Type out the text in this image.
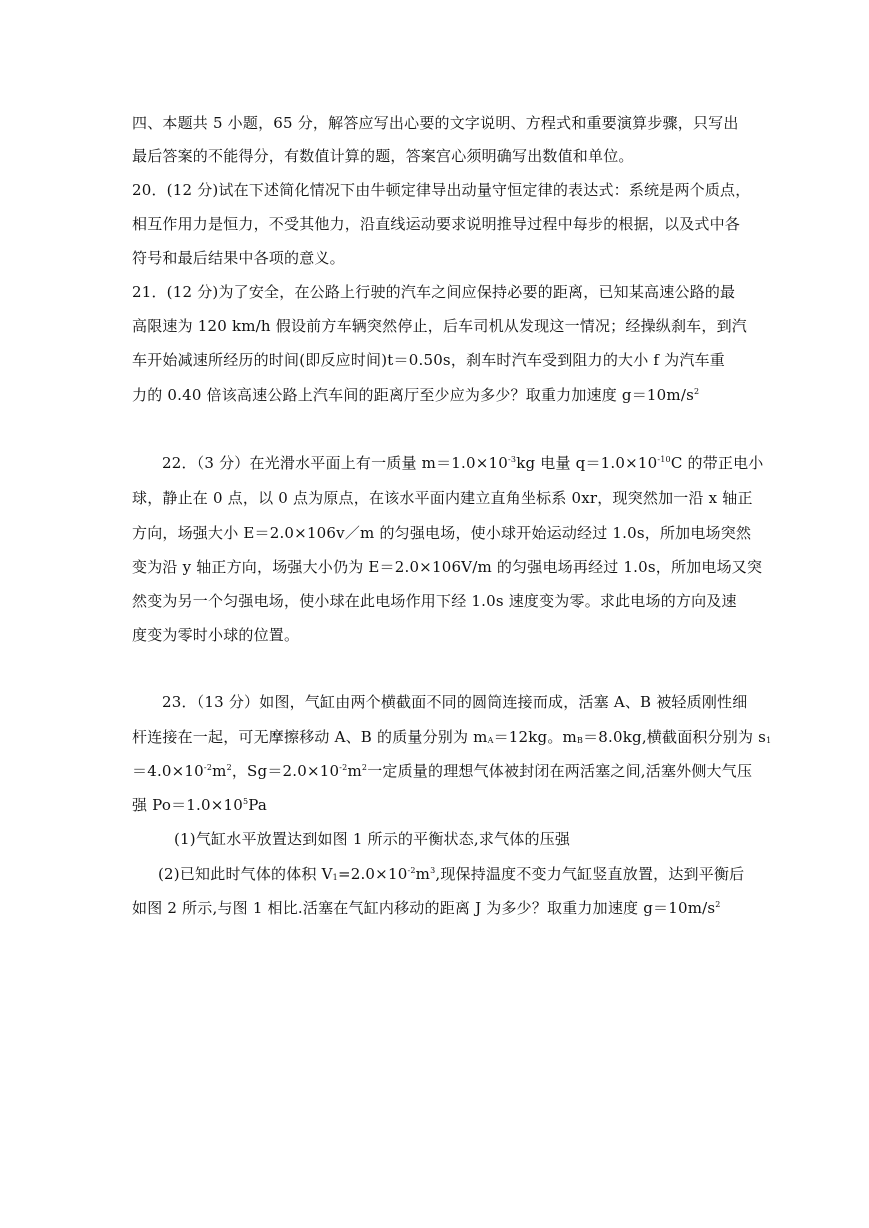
四、本题共 5 小题，65 分，解答应写出心要的文字说明、方程式和重要演算步骤，只写出
最后答案的不能得分，有数值计算的题，答案宫心须明确写出数值和单位。
20．(12 分)试在下述简化情况下由牛顿定律导出动量守恒定律的表达式：系统是两个质点，
相互作用力是恒力，不受其他力，沿直线运动要求说明推导过程中每步的根据，以及式中各
符号和最后结果中各项的意义。
21．(12 分)为了安全，在公路上行驶的汽车之间应保持必要的距离，已知某高速公路的最
高限速为 120 km/h 假设前方车辆突然停止，后车司机从发现这一情况；经操纵刹车，到汽
车开始减速所经历的时间(即反应时间)t＝0.50s，刹车时汽车受到阻力的大小 f 为汽车重
力的 0.40 倍该高速公路上汽车间的距离厅至少应为多少？取重力加速度 $g=10m/s^2$
22．（3 分）在光滑水平面上有一质量 $m=1.0\times 10^{-3}kg$ 电量 $q=1.0\times 10^{-10}C$ 的带正电小
球，静止在 0 点，以 0 点为原点，在该水平面内建立直角坐标系 0xr，现突然加一沿 x 轴正
方向，场强大小 E＝2.0×106v／m 的匀强电场，使小球开始运动经过 1.0s，所加电场突然
变为沿 y 轴正方向，场强大小仍为 E＝2.0×106V/m 的匀强电场再经过 1.0s，所加电场又突
然变为另一个匀强电场，使小球在此电场作用下经 1.0s 速度变为零。求此电场的方向及速
度变为零时小球的位置。
23．（13 分）如图，气缸由两个横截面不同的圆筒连接而成，活塞 A、B 被轻质刚性细
杆连接在一起，可无摩擦移动 A、B 的质量分别为 $m_A=12kg$。$m_B=8.0kg$,横截面积分别为 $s_1$
$=4.0\times 10^{-2}m^2$，$Sg=2.0\times 10^{-2}m^2$一定质量的理想气体被封闭在两活塞之间,活塞外侧大气压
强 $Po=1.0\times 10^5Pa$
(1)气缸水平放置达到如图 1 所示的平衡状态,求气体的压强
(2)已知此时气体的体积 $V_1=2.0\times 10^{-2}m^3$,现保持温度不变力气缸竖直放置，达到平衡后
如图 2 所示,与图 1 相比.活塞在气缸内移动的距离 J 为多少？取重力加速度 $g=10m/s^2$
